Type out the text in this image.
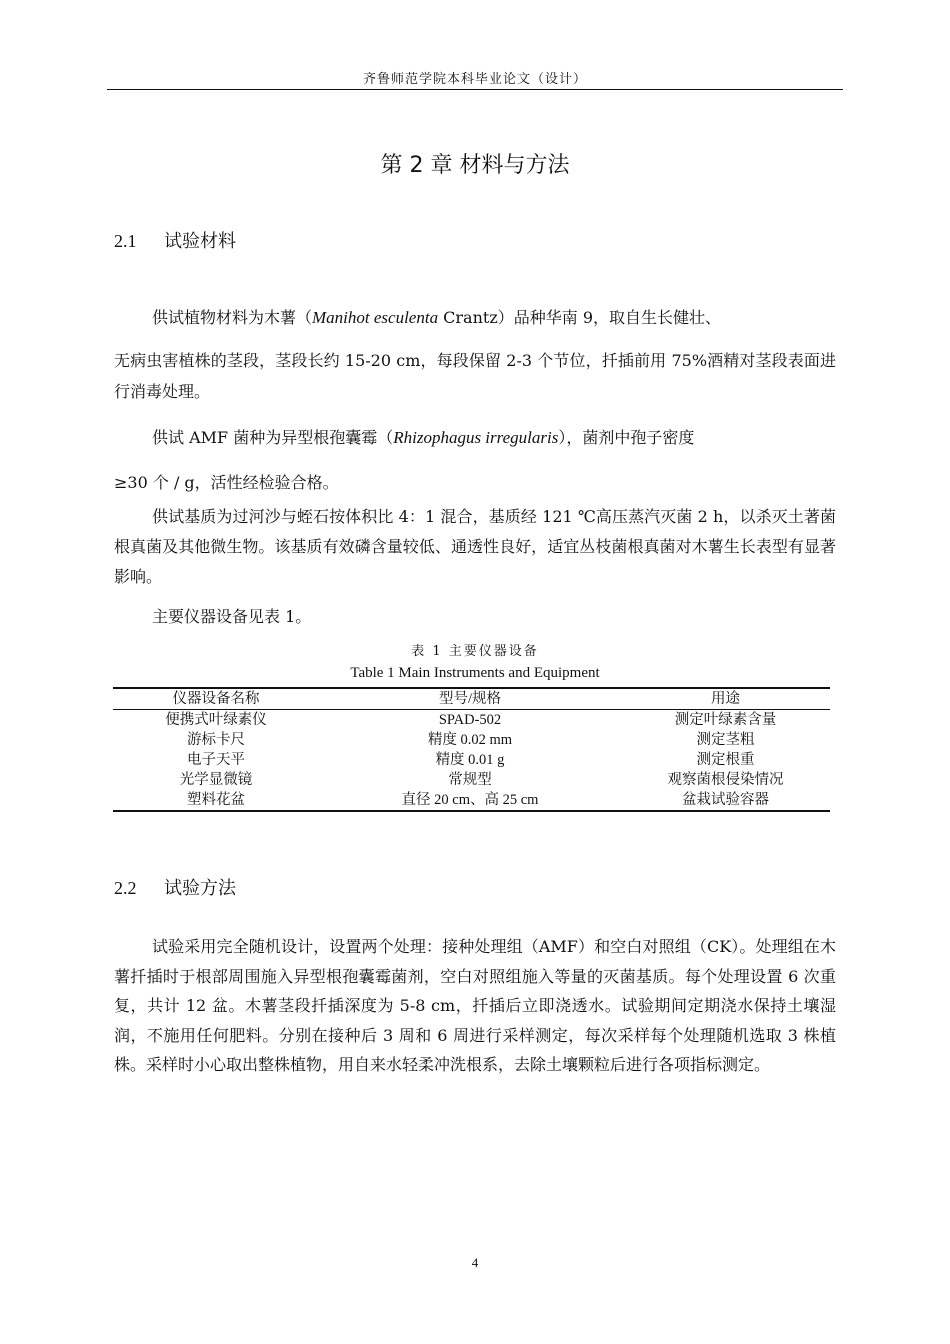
齐鲁师范学院本科毕业论文（设计）
第 2 章 材料与方法
2.1 试验材料

供试植物材料为木薯（Manihot esculenta Crantz）品种华南 9，取自生长健壮、

无病虫害植株的茎段，茎段长约 15-20 cm，每段保留 2-3 个节位，扦插前用 75%酒精对茎段表面进行消毒处理。

供试 AMF 菌种为异型根孢囊霉（Rhizophagus irregularis），菌剂中孢子密度

≥30 个 / g，活性经检验合格。

供试基质为过河沙与蛭石按体积比 4：1 混合，基质经 121 ℃高压蒸汽灭菌 2 h，以杀灭土著菌根真菌及其他微生物。该基质有效磷含量较低、通透性良好，适宜丛枝菌根真菌对木薯生长表型有显著影响。

主要仪器设备见表 1。

表 1 主要仪器设备
Table 1 Main Instruments and Equipment
仪器设备名称	型号/规格	用途
便携式叶绿素仪	SPAD-502	测定叶绿素含量
游标卡尺	精度 0.02 mm	测定茎粗
电子天平	精度 0.01 g	测定根重
光学显微镜	常规型	观察菌根侵染情况
塑料花盆	直径 20 cm、高 25 cm	盆栽试验容器
2.2 试验方法

试验采用完全随机设计，设置两个处理：接种处理组（AMF）和空白对照组（CK）。处理组在木薯扦插时于根部周围施入异型根孢囊霉菌剂，空白对照组施入等量的灭菌基质。每个处理设置 6 次重复，共计 12 盆。木薯茎段扦插深度为 5-8 cm，扦插后立即浇透水。试验期间定期浇水保持土壤湿润，不施用任何肥料。分别在接种后 3 周和 6 周进行采样测定，每次采样每个处理随机选取 3 株植株。采样时小心取出整株植物，用自来水轻柔冲洗根系，去除土壤颗粒后进行各项指标测定。

4
